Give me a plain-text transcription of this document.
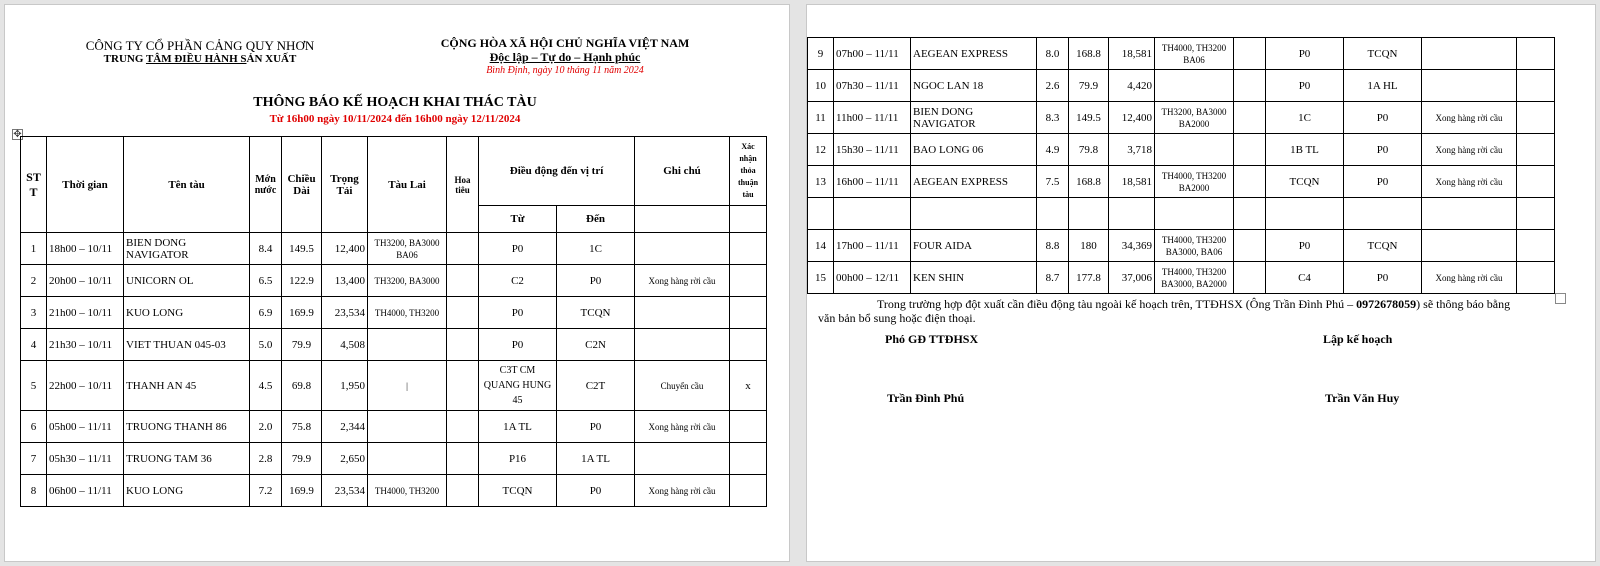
CÔNG TY CỔ PHẦN CẢNG QUY NHƠN
TRUNG TÂM ĐIỀU HÀNH SẢN XUẤT
CỘNG HÒA XÃ HỘI CHỦ NGHĨA VIỆT NAM
Độc lập – Tự do – Hạnh phúc
Bình Định, ngày 10 tháng 11 năm 2024
THÔNG BÁO KẾ HOẠCH KHAI THÁC TÀU
Từ 16h00 ngày 10/11/2024 đến 16h00 ngày 12/11/2024
✥
ST T	Thời gian	Tên tàu	Mớn nước	Chiều Dài	Trọng Tải	Tàu Lai	Hoa tiêu	Điều động đến vị trí		Ghi chú	Xác nhận thỏa thuận tàu
								Từ	Đến		
1	18h00 – 10/11	BIEN DONG NAVIGATOR	8.4	149.5	12,400	TH3200, BA3000 BA06		P0	1C		
2	20h00 – 10/11	UNICORN OL	6.5	122.9	13,400	TH3200, BA3000		C2	P0	Xong hàng rời cầu	
3	21h00 – 10/11	KUO LONG	6.9	169.9	23,534	TH4000, TH3200		P0	TCQN		
4	21h30 – 10/11	VIET THUAN 045-03	5.0	79.9	4,508			P0	C2N		
5	22h00 – 10/11	THANH AN 45	4.5	69.8	1,950	|		C3T CM QUANG HUNG 45	C2T	Chuyển cầu	x
6	05h00 – 11/11	TRUONG THANH 86	2.0	75.8	2,344			1A TL	P0	Xong hàng rời cầu	
7	05h30 – 11/11	TRUONG TAM 36	2.8	79.9	2,650			P16	1A TL		
8	06h00 – 11/11	KUO LONG	7.2	169.9	23,534	TH4000, TH3200		TCQN	P0	Xong hàng rời cầu	
9	07h00 – 11/11	AEGEAN EXPRESS	8.0	168.8	18,581	TH4000, TH3200 BA06		P0	TCQN		
10	07h30 – 11/11	NGOC LAN 18	2.6	79.9	4,420			P0	1A HL		
11	11h00 – 11/11	BIEN DONG NAVIGATOR	8.3	149.5	12,400	TH3200, BA3000 BA2000		1C	P0	Xong hàng rời cầu	
12	15h30 – 11/11	BAO LONG 06	4.9	79.8	3,718			1B TL	P0	Xong hàng rời cầu	
13	16h00 – 11/11	AEGEAN EXPRESS	7.5	168.8	18,581	TH4000, TH3200 BA2000		TCQN	P0	Xong hàng rời cầu	

14	17h00 – 11/11	FOUR AIDA	8.8	180	34,369	TH4000, TH3200 BA3000, BA06		P0	TCQN		
15	00h00 – 12/11	KEN SHIN	8.7	177.8	37,006	TH4000, TH3200 BA3000, BA2000		C4	P0	Xong hàng rời cầu	
Trong trường hợp đột xuất cần điều động tàu ngoài kế hoạch trên, TTĐHSX (Ông Trần Đình Phú – 0972678059) sẽ thông báo bằng
văn bản bổ sung hoặc điện thoại.
Phó GĐ TTĐHSX	Lập kế hoạch
Trần Đình Phú	Trần Văn Huy
